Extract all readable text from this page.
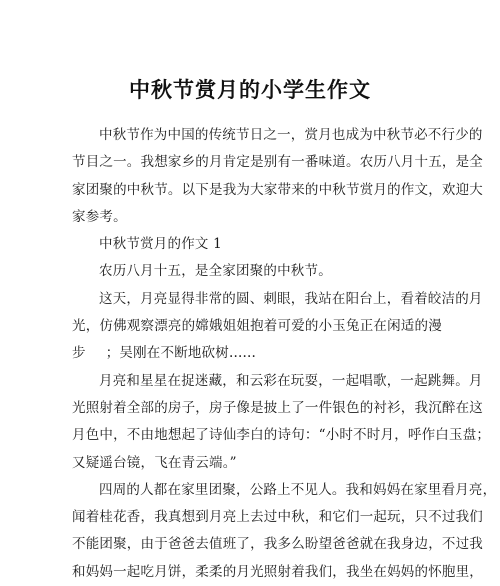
中秋节赏月的小学生作文
中秋节作为中国的传统节日之一，赏月也成为中秋节必不行少的
节目之一。我想家乡的月肯定是别有一番味道。农历八月十五，是全
家团聚的中秋节。以下是我为大家带来的中秋节赏月的作文，欢迎大
家参考。
中秋节赏月的作文 1
农历八月十五，是全家团聚的中秋节。
这天，月亮显得非常的圆、刺眼，我站在阳台上，看着皎洁的月
光，仿佛观察漂亮的嫦娥姐姐抱着可爱的小玉兔正在闲适的漫
步 ；吴刚在不断地砍树......
月亮和星星在捉迷藏，和云彩在玩耍，一起唱歌，一起跳舞。月
光照射着全部的房子，房子像是披上了一件银色的衬衫，我沉醉在这
月色中，不由地想起了诗仙李白的诗句：“小时不时月，呼作白玉盘；
又疑遥台镜，飞在青云端。”
四周的人都在家里团聚，公路上不见人。我和妈妈在家里看月亮，
闻着桂花香，我真想到月亮上去过中秋，和它们一起玩，只不过我们
不能团聚，由于爸爸去值班了，我多么盼望爸爸就在我身边，不过我
和妈妈一起吃月饼，柔柔的月光照射着我们，我坐在妈妈的怀胞里，
